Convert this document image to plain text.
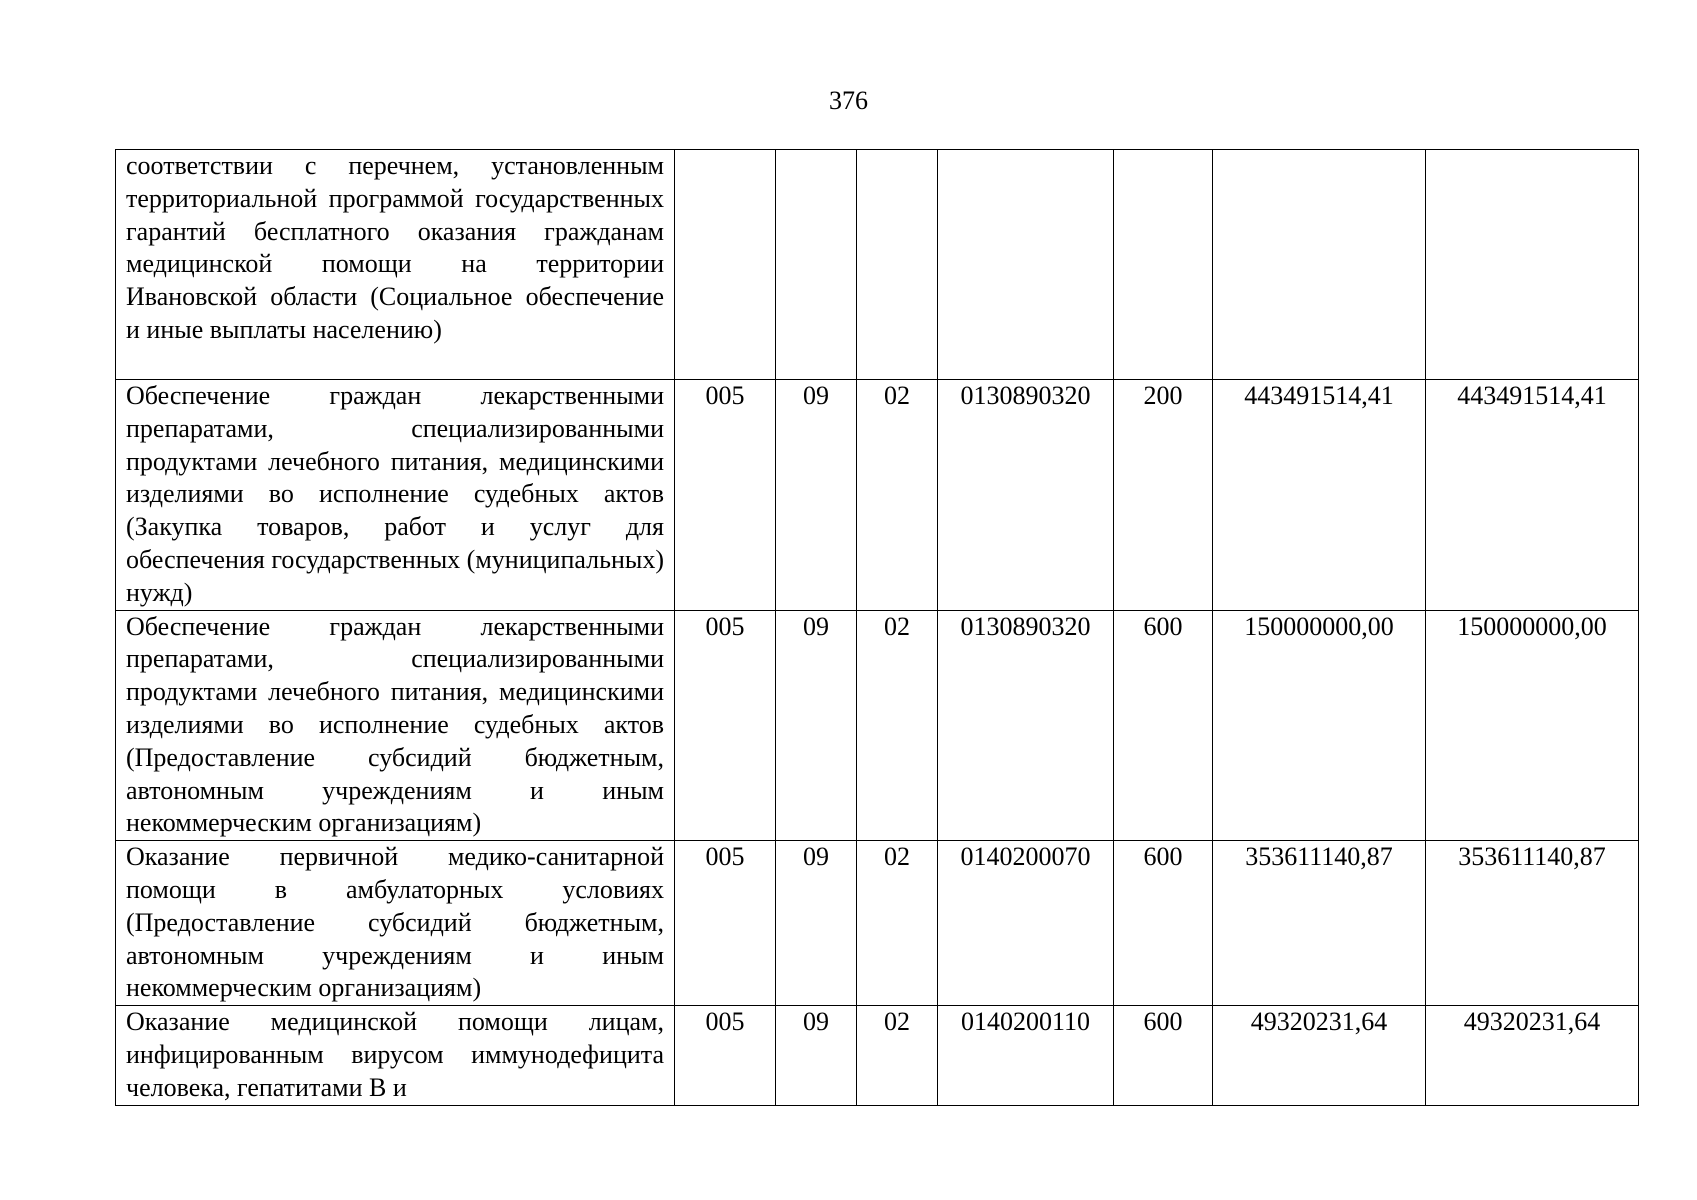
376
соответствии с перечнем, установленным территориальной программой государственных гарантий бесплатного оказания гражданам медицинской помощи на территории Ивановской области (Социальное обеспечение и иные выплаты населению)							
Обеспечение граждан лекарственными препаратами, специализированными продуктами лечебного питания, медицинскими изделиями во исполнение судебных актов (Закупка товаров, работ и услуг для обеспечения государственных (муниципальных) нужд)	005	09	02	0130890320	200	443491514,41	443491514,41
Обеспечение граждан лекарственными препаратами, специализированными продуктами лечебного питания, медицинскими изделиями во исполнение судебных актов (Предоставление субсидий бюджетным, автономным учреждениям и иным некоммерческим организациям)	005	09	02	0130890320	600	150000000,00	150000000,00
Оказание первичной медико-санитарной помощи в амбулаторных условиях (Предоставление субсидий бюджетным, автономным учреждениям и иным некоммерческим организациям)	005	09	02	0140200070	600	353611140,87	353611140,87
Оказание медицинской помощи лицам, инфицированным вирусом иммунодефицита человека, гепатитами В и	005	09	02	0140200110	600	49320231,64	49320231,64
